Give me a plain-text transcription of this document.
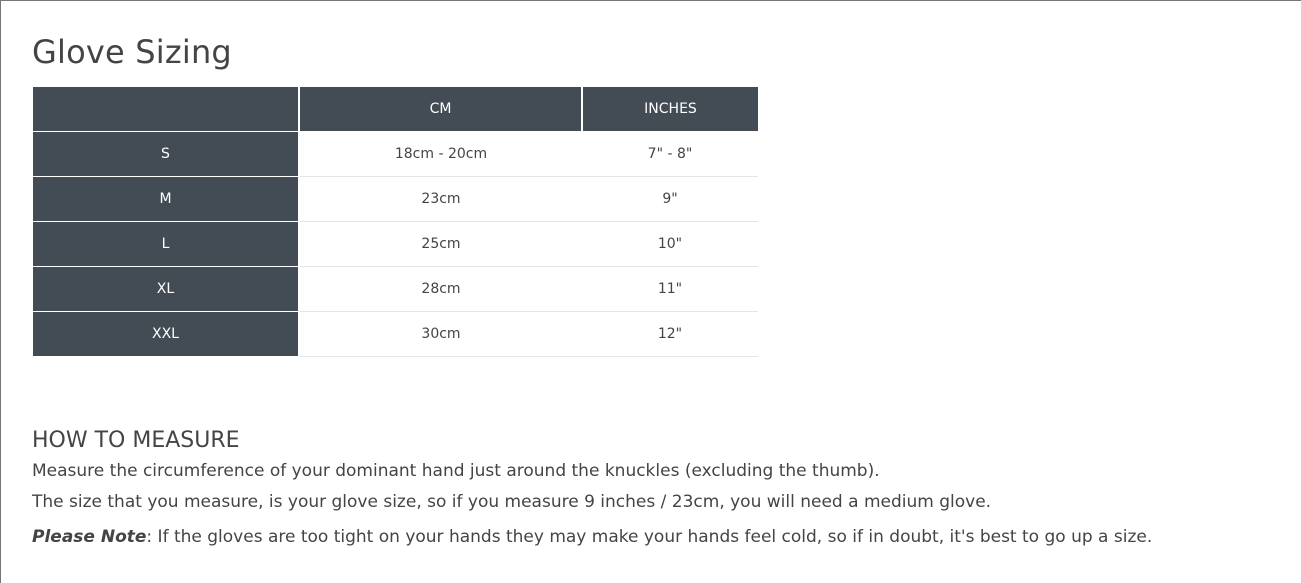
Glove Sizing
	CM	INCHES
S	18cm - 20cm	7" - 8"
M	23cm	9"
L	25cm	10"
XL	28cm	11"
XXL	30cm	12"
HOW TO MEASURE

Measure the circumference of your dominant hand just around the knuckles (excluding the thumb).

The size that you measure, is your glove size, so if you measure 9 inches / 23cm, you will need a medium glove.

Please Note: If the gloves are too tight on your hands they may make your hands feel cold, so if in doubt, it's best to go up a size.
